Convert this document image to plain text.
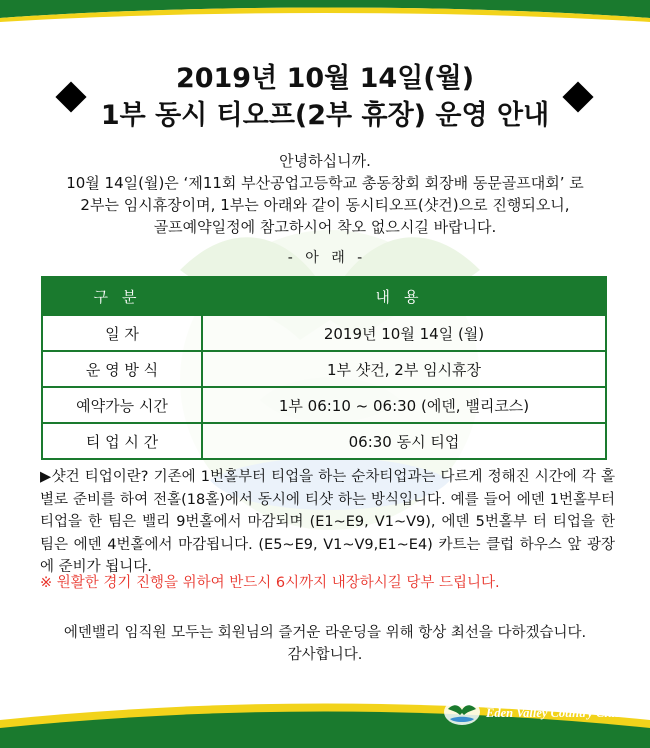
2019년 10월 14일(월)
1부 동시 티오프(2부 휴장) 운영 안내
안녕하십니까.
10월 14일(월)은 ‘제11회 부산공업고등학교 총동창회 회장배 동문골프대회’ 로
2부는 임시휴장이며, 1부는 아래와 같이 동시티오프(샷건)으로 진행되오니,
골프예약일정에 참고하시어 착오 없으시길 바랍니다.
- 아 래 -
구분	내용
일 자	2019년 10월 14일 (월)
운 영 방 식	1부 샷건, 2부 임시휴장
예약가능 시간	1부 06:10 ~ 06:30 (에덴, 밸리코스)
티 업 시 간	06:30 동시 티업
▶샷건 티업이란? 기존에 1번홀부터 티업을 하는 순차티업과는 다르게 정해진 시간에 각 홀별로 준비를 하여 전홀(18홀)에서 동시에 티샷 하는 방식입니다. 예를 들어 에덴 1번홀부터 티업을 한 팀은 밸리 9번홀에서 마감되며 (E1~E9, V1~V9), 에덴 5번홀부 터 티업을 한 팀은 에덴 4번홀에서 마감됩니다. (E5~E9, V1~V9,E1~E4) 카트는 클럽 하우스 앞 광장에 준비가 됩니다.
※ 원활한 경기 진행을 위하여 반드시 6시까지 내장하시길 당부 드립니다.
에덴밸리 임직원 모두는 회원님의 즐거운 라운딩을 위해 항상 최선을 다하겠습니다.
감사합니다.
Golf & Ski Resort
Eden Valley Country Club
